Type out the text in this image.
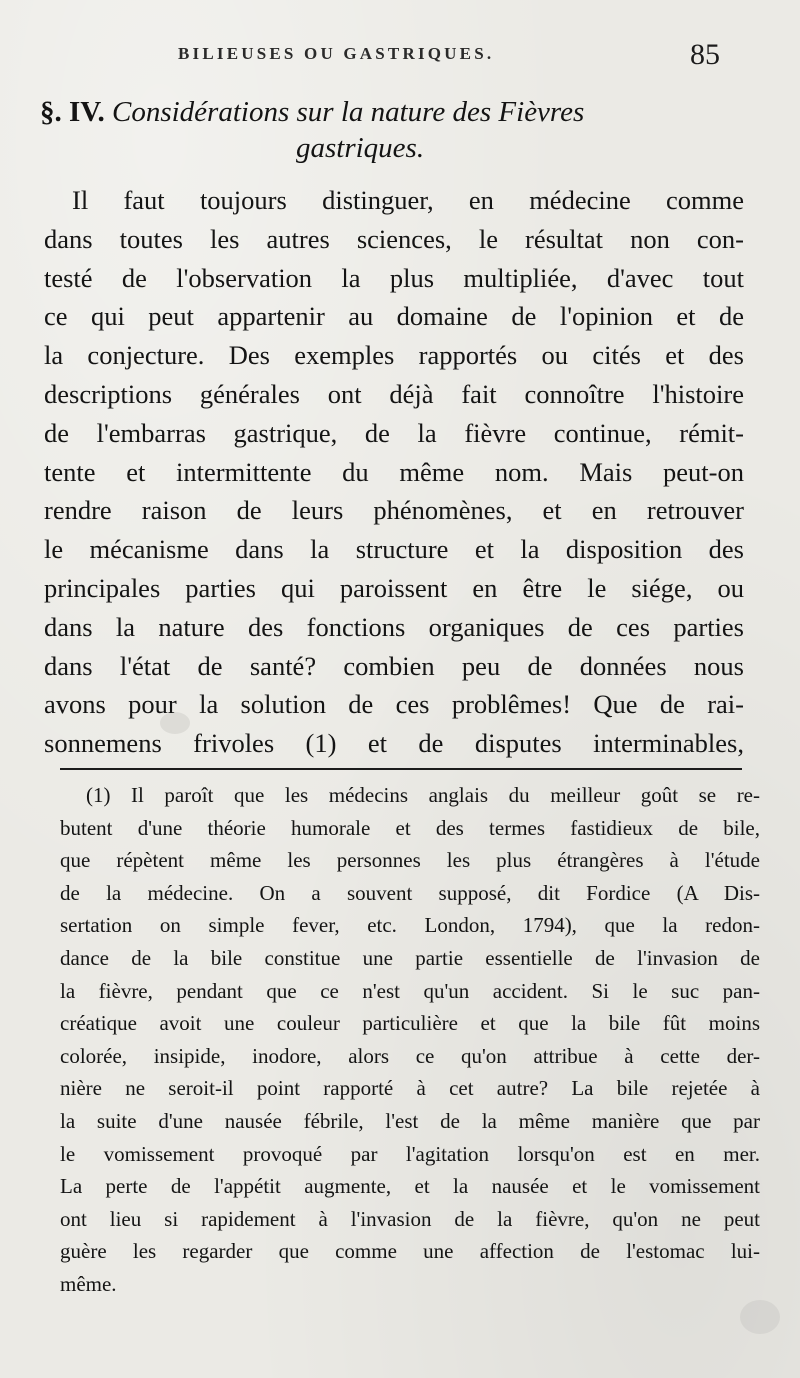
BILIEUSES OU GASTRIQUES.	85
§. IV. Considérations sur la nature des Fièvres
gastriques.
Il faut toujours distinguer, en médecine comme
dans toutes les autres sciences, le résultat non con-
testé de l'observation la plus multipliée, d'avec tout
ce qui peut appartenir au domaine de l'opinion et de
la conjecture. Des exemples rapportés ou cités et des
descriptions générales ont déjà fait connoître l'histoire
de l'embarras gastrique, de la fièvre continue, rémit-
tente et intermittente du même nom. Mais peut-on
rendre raison de leurs phénomènes, et en retrouver
le mécanisme dans la structure et la disposition des
principales parties qui paroissent en être le siége, ou
dans la nature des fonctions organiques de ces parties
dans l'état de santé? combien peu de données nous
avons pour la solution de ces problêmes! Que de rai-
sonnemens frivoles (1) et de disputes interminables,
(1) Il paroît que les médecins anglais du meilleur goût se re-
butent d'une théorie humorale et des termes fastidieux de bile,
que répètent même les personnes les plus étrangères à l'étude
de la médecine. On a souvent supposé, dit Fordice (A Dis-
sertation on simple fever, etc. London, 1794), que la redon-
dance de la bile constitue une partie essentielle de l'invasion de
la fièvre, pendant que ce n'est qu'un accident. Si le suc pan-
créatique avoit une couleur particulière et que la bile fût moins
colorée, insipide, inodore, alors ce qu'on attribue à cette der-
nière ne seroit-il point rapporté à cet autre? La bile rejetée à
la suite d'une nausée fébrile, l'est de la même manière que par
le vomissement provoqué par l'agitation lorsqu'on est en mer.
La perte de l'appétit augmente, et la nausée et le vomissement
ont lieu si rapidement à l'invasion de la fièvre, qu'on ne peut
guère les regarder que comme une affection de l'estomac lui-
même.
